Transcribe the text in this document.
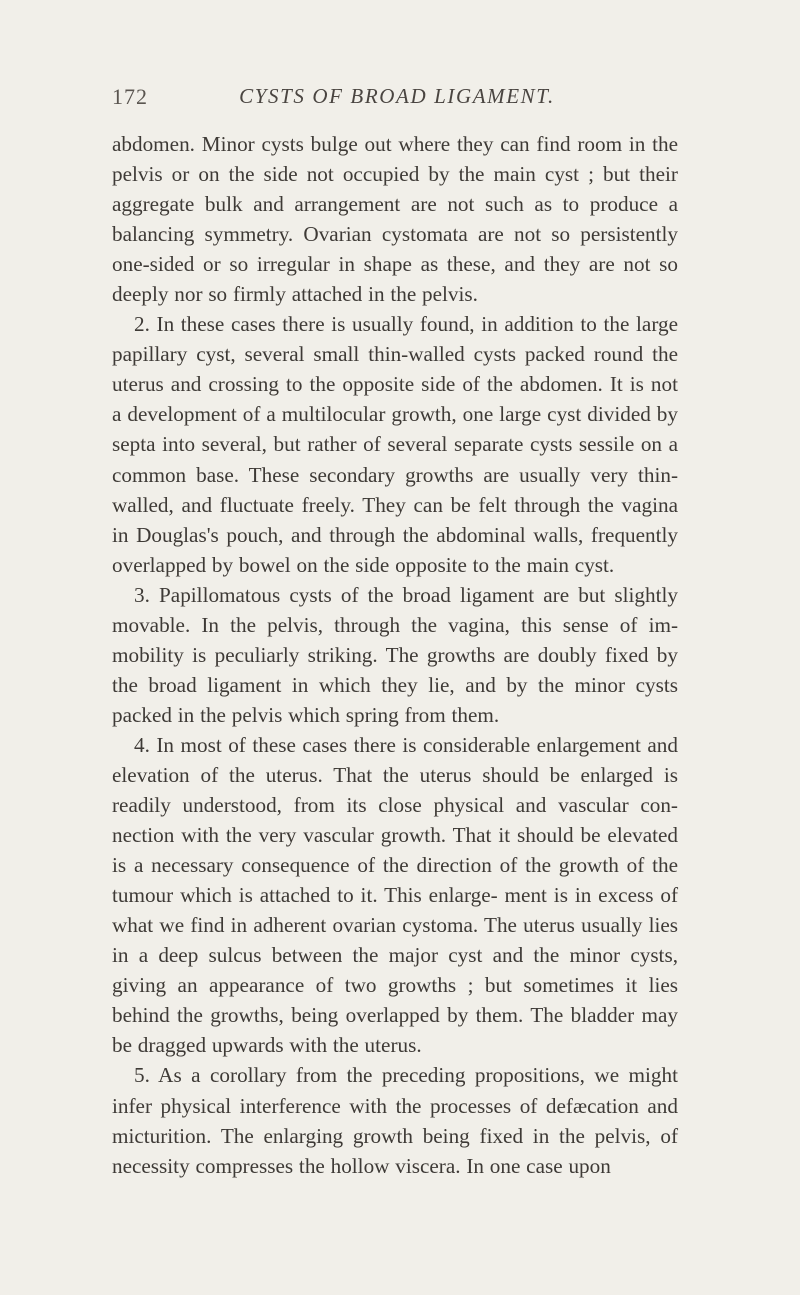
172	CYSTS OF BROAD LIGAMENT.

abdomen. Minor cysts bulge out where they can find room in the pelvis or on the side not occupied by the main cyst ; but their aggregate bulk and arrangement are not such as to produce a balancing symmetry. Ovarian cystomata are not so persistently one-sided or so irregular in shape as these, and they are not so deeply nor so firmly attached in the pelvis.

2. In these cases there is usually found, in addition to the large papillary cyst, several small thin-walled cysts packed round the uterus and crossing to the opposite side of the abdomen. It is not a development of a multilocular growth, one large cyst divided by septa into several, but rather of several separate cysts sessile on a common base. These secondary growths are usually very thin-walled, and fluctuate freely. They can be felt through the vagina in Douglas's pouch, and through the abdominal walls, frequently overlapped by bowel on the side opposite to the main cyst.

3. Papillomatous cysts of the broad ligament are but slightly movable. In the pelvis, through the vagina, this sense of im- mobility is peculiarly striking. The growths are doubly fixed by the broad ligament in which they lie, and by the minor cysts packed in the pelvis which spring from them.

4. In most of these cases there is considerable enlargement and elevation of the uterus. That the uterus should be enlarged is readily understood, from its close physical and vascular con- nection with the very vascular growth. That it should be elevated is a necessary consequence of the direction of the growth of the tumour which is attached to it. This enlarge- ment is in excess of what we find in adherent ovarian cystoma. The uterus usually lies in a deep sulcus between the major cyst and the minor cysts, giving an appearance of two growths ; but sometimes it lies behind the growths, being overlapped by them. The bladder may be dragged upwards with the uterus.

5. As a corollary from the preceding propositions, we might infer physical interference with the processes of defæcation and micturition. The enlarging growth being fixed in the pelvis, of necessity compresses the hollow viscera. In one case upon
